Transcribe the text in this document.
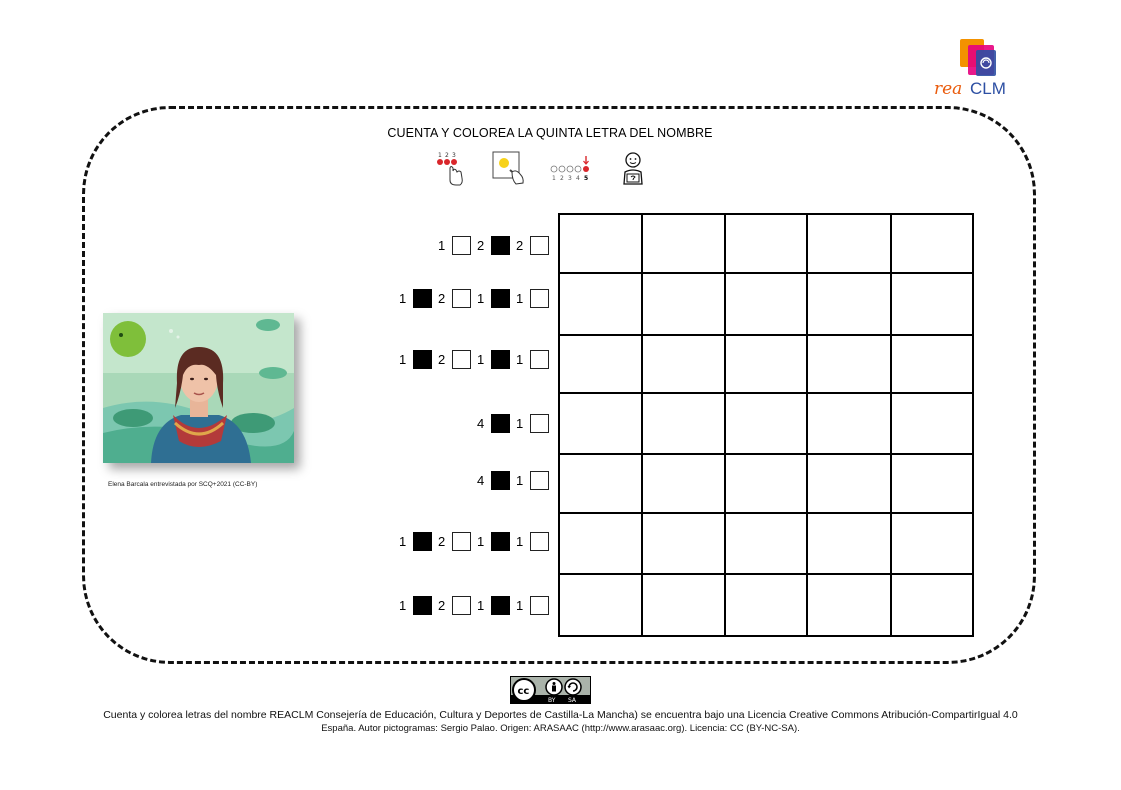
rea CLM
CUENTA Y COLOREA LA QUINTA LETRA DEL NOMBRE
1 2 3
1 2 3 4 5
Elena Barcala entrevistada por SCQ+2021 (CC-BY)
1 2 2
1 2 1 1
1 2 1 1
4 1
4 1
1 2 1 1
1 2 1 1
cc
BY SA
Cuenta y colorea letras del nombre REACLM Consejería de Educación, Cultura y Deportes de Castilla-La Mancha) se encuentra bajo una Licencia Creative Commons Atribución-CompartirIgual 4.0
España. Autor pictogramas: Sergio Palao. Origen: ARASAAC (http://www.arasaac.org). Licencia: CC (BY-NC-SA).
